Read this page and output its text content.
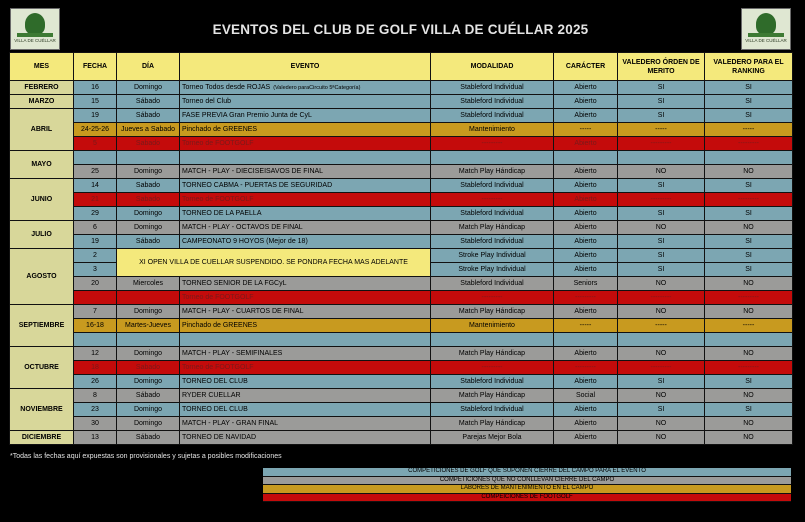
VILLA DE CUÉLLAR
EVENTOS DEL CLUB DE GOLF VILLA DE CUÉLLAR 2025
VILLA DE CUÉLLAR
MES	FECHA	DÍA	EVENTO	MODALIDAD	CARÁCTER	VALEDERO ÓRDEN DE MERITO	VALEDERO PARA EL RANKING
FEBRERO	16	Domingo	Torneo Todos desde ROJAS (Valedero paraCircuito 5ªCategoría)	Stableford Individual	Abierto	SI	SI
MARZO	15	Sábado	Torneo del Club	Stableford Individual	Abierto	SI	SI
ABRIL	19	Sábado	FASE PREVIA Gran Premio Junta de CyL	Stableford Individual	Abierto	SI	SI
	24-25-26	Jueves a Sabado	Pinchado de GREENES	Mantenimiento	-----	-----	-----
	5	Sabado	Torneo de FOOTGOLF	---------	Abierto	---------	---------
MAYO							
	25	Domingo	MATCH - PLAY - DIECISEISAVOS DE FINAL	Match Play Hándicap	Abierto	NO	NO
JUNIO	14	Sabado	TORNEO CABMA - PUERTAS DE SEGURIDAD	Stableford Individual	Abierto	SI	SI
	21	Sabado	Torneo de FOOTGOLF	---------	Abierto	---------	---------
	29	Domingo	TORNEO DE LA PAELLA	Stableford Individual	Abierto	SI	SI
JULIO	6	Domingo	MATCH - PLAY - OCTAVOS DE FINAL	Match Play Hándicap	Abierto	NO	NO
	19	Sábado	CAMPEONATO 9 HOYOS (Mejor de 18)	Stableford Individual	Abierto	SI	SI
AGOSTO	2	XI OPEN VILLA DE CUELLAR SUSPENDIDO. SE PONDRA FECHA MAS ADELANTE		Stroke Play Individual	Abierto	SI	SI
	3			Stroke Play Individual	Abierto	SI	SI
	20	Miercoles	TORNEO SENIOR DE LA FGCyL	Stableford Individual	Seniors	NO	NO
			Torneo de FOOTGOLF	---------	---------	---------	---------
SEPTIEMBRE	7	Domingo	MATCH - PLAY - CUARTOS DE FINAL	Match Play Hándicap	Abierto	NO	NO
	16-18	Martes-Jueves	Pinchado de GREENES	Mantenimiento	-----	-----	-----

OCTUBRE	12	Domingo	MATCH - PLAY - SEMIFINALES	Match Play Hándicap	Abierto	NO	NO
	18	Sabado	Torneo de FOOTGOLF	---------	---------	---------	---------
	26	Domingo	TORNEO DEL CLUB	Stableford Individual	Abierto	SI	SI
NOVIEMBRE	8	Sábado	RYDER CUELLAR	Match Play Hándicap	Social	NO	NO
	23	Domingo	TORNEO DEL CLUB	Stableford Individual	Abierto	SI	SI
	30	Domingo	MATCH - PLAY - GRAN FINAL	Match Play Hándicap	Abierto	NO	NO
DICIEMBRE	13	Sábado	TORNEO DE NAVIDAD	Parejas Mejor Bola	Abierto	NO	NO
*Todas las fechas aquí expuestas son provisionales y sujetas a posibles modificaciones
COMPETICIONES DE GOLF QUE SUPONEN CIERRE DEL CAMPO PARA EL EVENTO
COMPETICIONES QUE NO CONLLEVAN CIERRE DEL CAMPO
LABORES DE MANTENIMIENTO EN EL CAMPO
COMPEICIONES DE FOOTGOLF
